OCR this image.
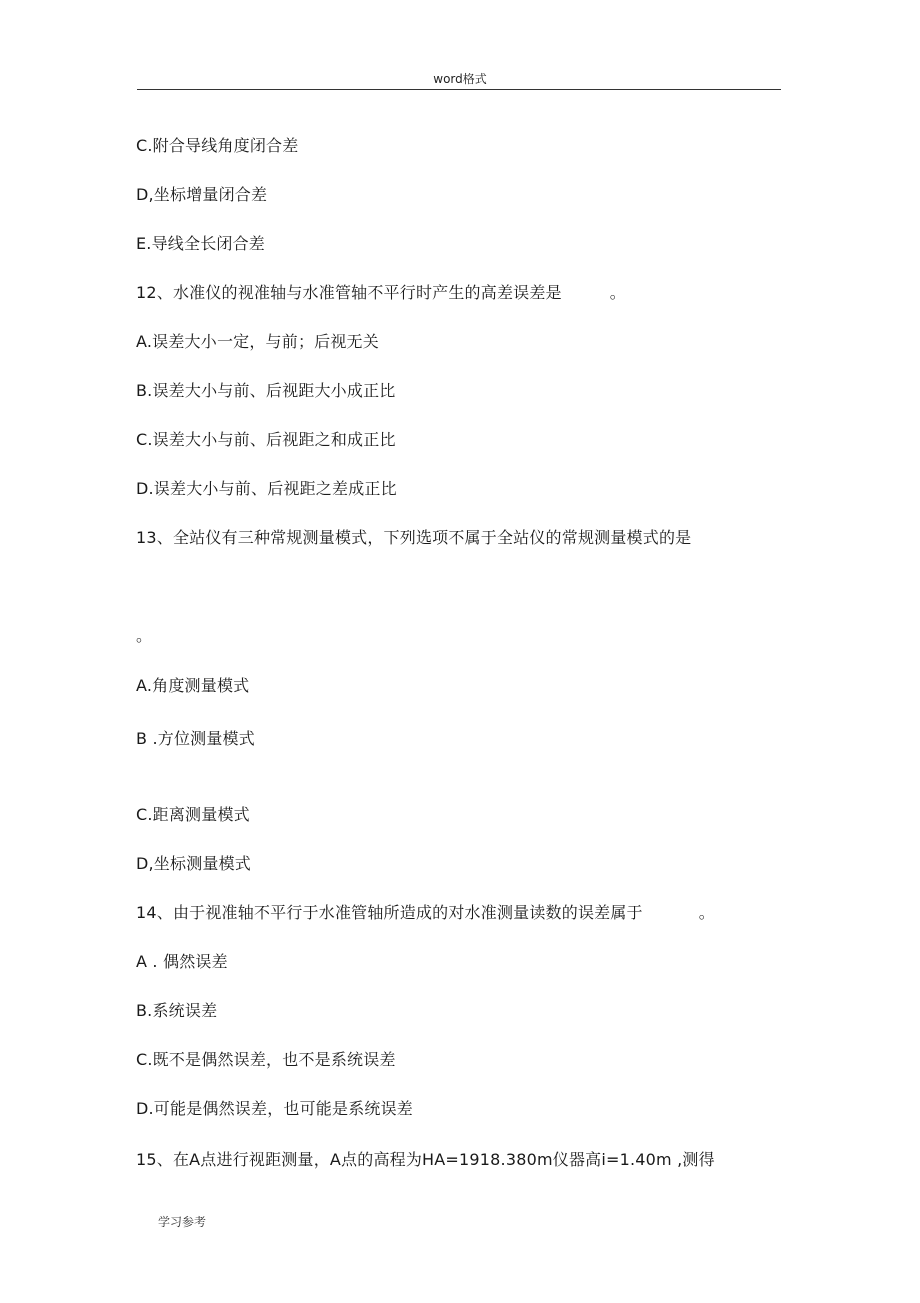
word格式
C.附合导线角度闭合差
D,坐标增量闭合差
E.导线全长闭合差
12、水准仪的视准轴与水准管轴不平行时产生的高差误差是	。
A.误差大小一定，与前；后视无关
B.误差大小与前、后视距大小成正比
C.误差大小与前、后视距之和成正比
D.误差大小与前、后视距之差成正比
13、全站仪有三种常规测量模式，下列选项不属于全站仪的常规测量模式的是
。
A.角度测量模式
B .方位测量模式
C.距离测量模式
D,坐标测量模式
14、由于视准轴不平行于水准管轴所造成的对水准测量读数的误差属于	。
A . 偶然误差
B.系统误差
C.既不是偶然误差，也不是系统误差
D.可能是偶然误差，也可能是系统误差
15、在A点进行视距测量，A点的高程为HA=1918.380m仪器高i=1.40m ,测得
学习参考
